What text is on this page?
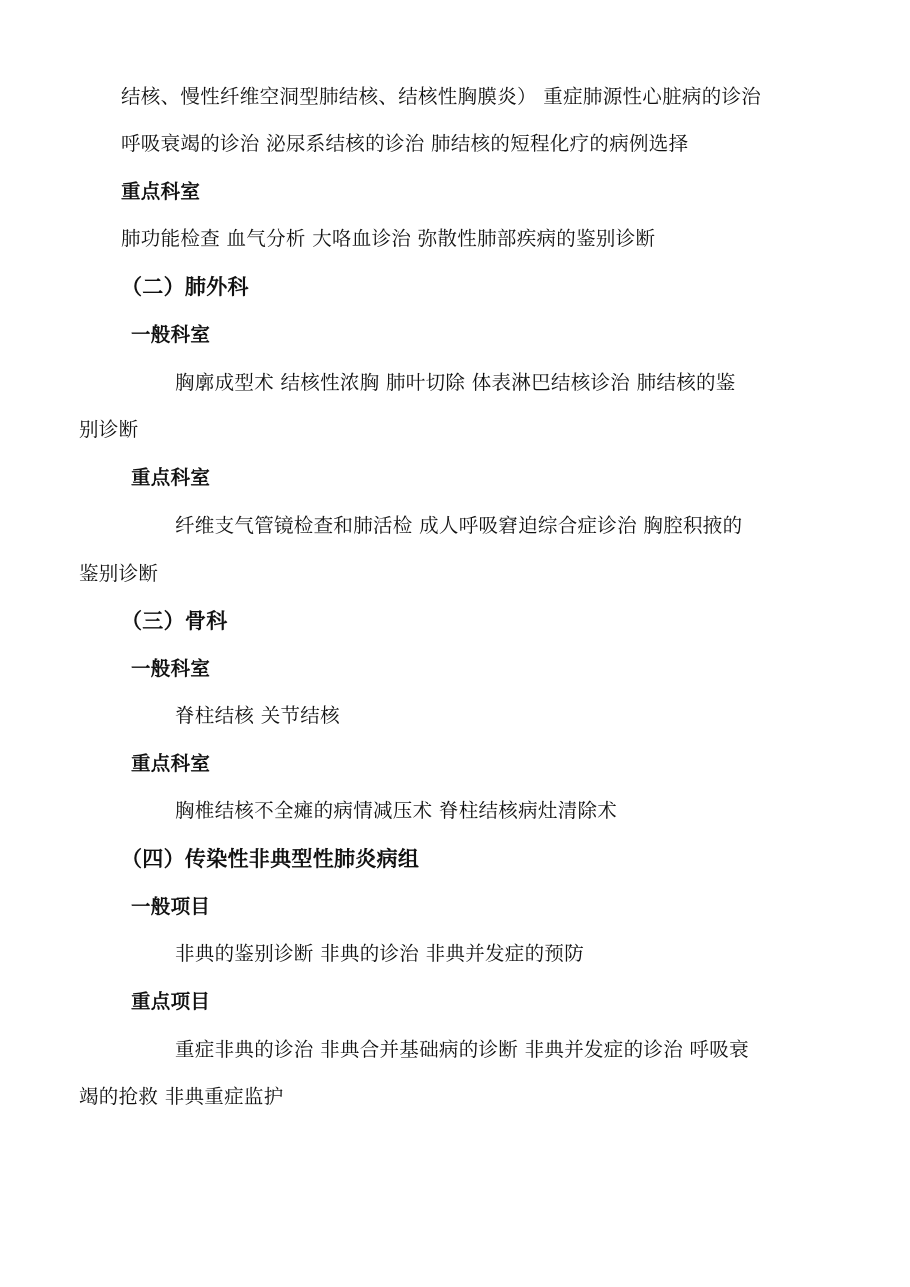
结核、慢性纤维空洞型肺结核、结核性胸膜炎） 重症肺源性心脏病的诊治
呼吸衰竭的诊治 泌尿系结核的诊治 肺结核的短程化疗的病例选择
重点科室
肺功能检查 血气分析 大咯血诊治 弥散性肺部疾病的鉴别诊断
（二）肺外科
一般科室
胸廓成型术 结核性浓胸 肺叶切除 体表淋巴结核诊治 肺结核的鉴
别诊断
重点科室
纤维支气管镜检查和肺活检 成人呼吸窘迫综合症诊治 胸腔积掖的
鉴别诊断
（三）骨科
一般科室
脊柱结核 关节结核
重点科室
胸椎结核不全瘫的病情减压术 脊柱结核病灶清除术
（四）传染性非典型性肺炎病组
一般项目
非典的鉴别诊断 非典的诊治 非典并发症的预防
重点项目
重症非典的诊治 非典合并基础病的诊断 非典并发症的诊治 呼吸衰
竭的抢救 非典重症监护
